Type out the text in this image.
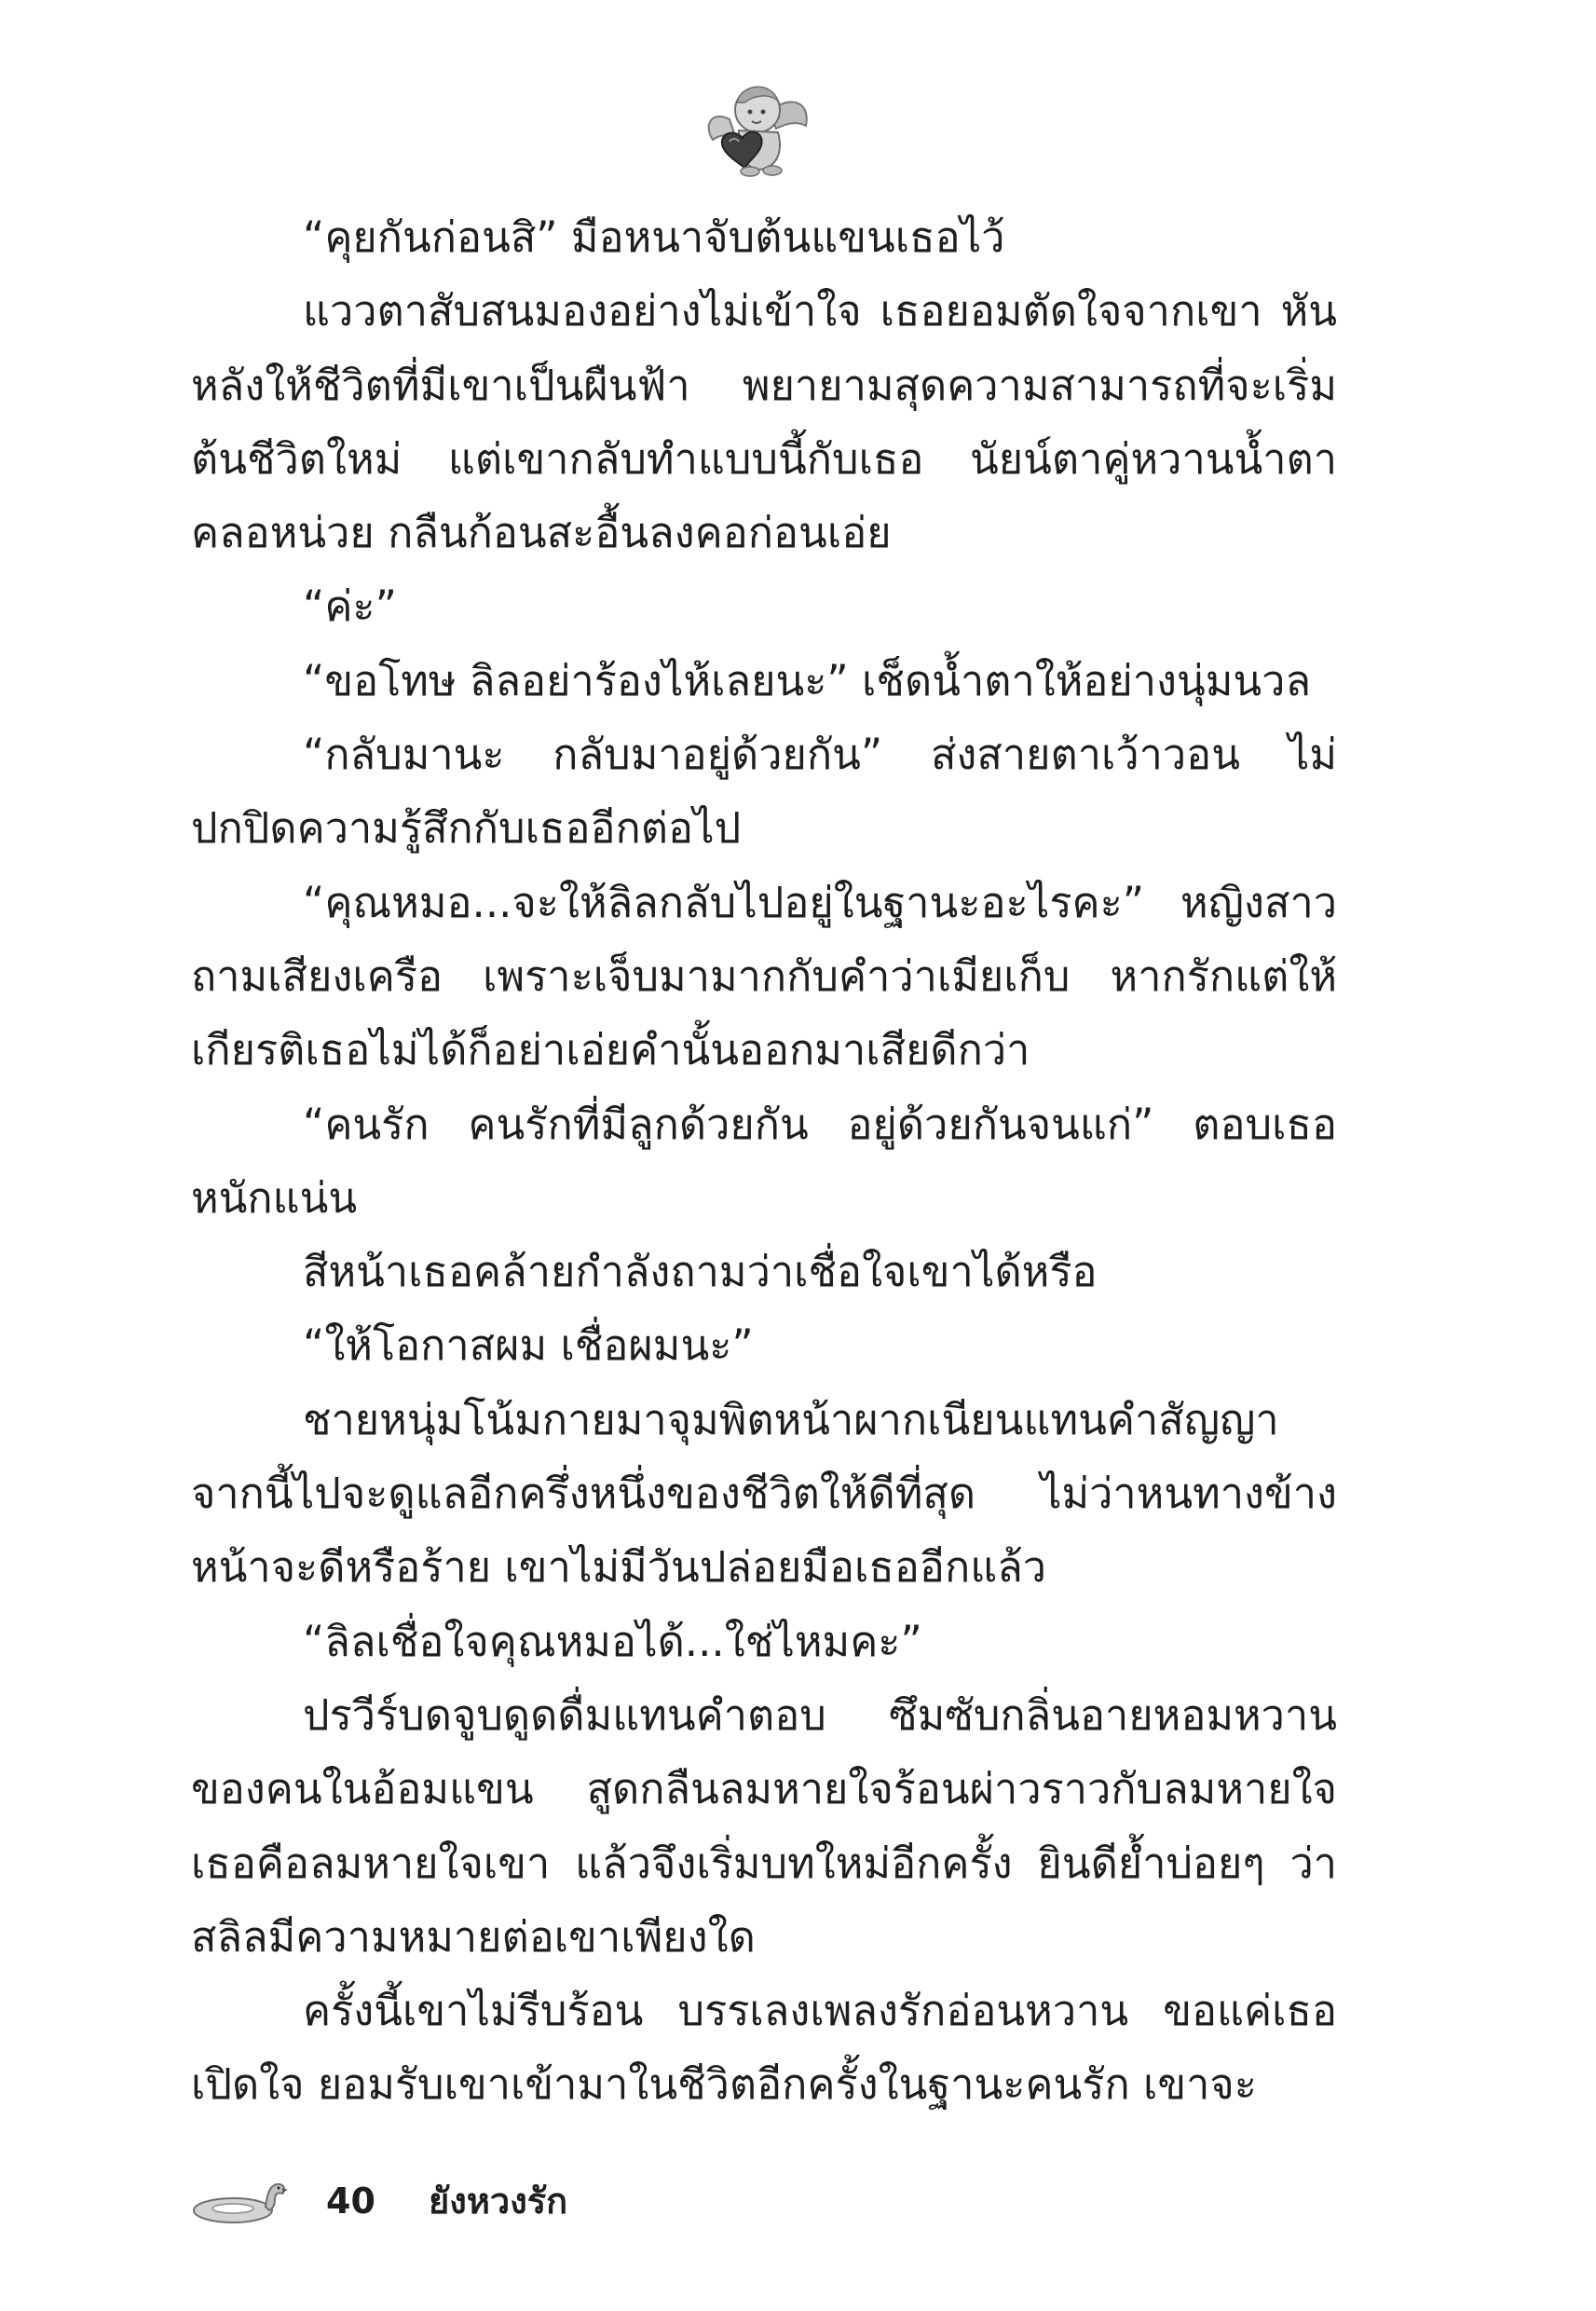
“คุยกันก่อนสิ” มือหนาจับต้นแขนเธอไว้

แววตาสับสนมองอย่างไม่เข้าใจ เธอยอมตัดใจจากเขา หันหลังให้ชีวิตที่มีเขาเป็นผืนฟ้า พยายามสุดความสามารถที่จะเริ่มต้นชีวิตใหม่ แต่เขากลับทำแบบนี้กับเธอ นัยน์ตาคู่หวานน้ำตาคลอหน่วย กลืนก้อนสะอื้นลงคอก่อนเอ่ย

“ค่ะ”

“ขอโทษ ลิลอย่าร้องไห้เลยนะ” เช็ดน้ำตาให้อย่างนุ่มนวล

“กลับมานะ กลับมาอยู่ด้วยกัน” ส่งสายตาเว้าวอน ไม่ปกปิดความรู้สึกกับเธออีกต่อไป

“คุณหมอ...จะให้ลิลกลับไปอยู่ในฐานะอะไรคะ” หญิงสาวถามเสียงเครือ เพราะเจ็บมามากกับคำว่าเมียเก็บ หากรักแต่ให้เกียรติเธอไม่ได้ก็อย่าเอ่ยคำนั้นออกมาเสียดีกว่า

“คนรัก คนรักที่มีลูกด้วยกัน อยู่ด้วยกันจนแก่” ตอบเธอหนักแน่น

สีหน้าเธอคล้ายกำลังถามว่าเชื่อใจเขาได้หรือ

“ให้โอกาสผม เชื่อผมนะ”

ชายหนุ่มโน้มกายมาจุมพิตหน้าผากเนียนแทนคำสัญญา จากนี้ไปจะดูแลอีกครึ่งหนึ่งของชีวิตให้ดีที่สุด ไม่ว่าหนทางข้างหน้าจะดีหรือร้าย เขาไม่มีวันปล่อยมือเธออีกแล้ว

“ลิลเชื่อใจคุณหมอได้...ใช่ไหมคะ”

ปรวีร์บดจูบดูดดื่มแทนคำตอบ ซึมซับกลิ่นอายหอมหวานของคนในอ้อมแขน สูดกลืนลมหายใจร้อนผ่าวราวกับลมหายใจเธอคือลมหายใจเขา แล้วจึงเริ่มบทใหม่อีกครั้ง ยินดีย้ำบ่อยๆ ว่าสลิลมีความหมายต่อเขาเพียงใด

ครั้งนี้เขาไม่รีบร้อน บรรเลงเพลงรักอ่อนหวาน ขอแค่เธอเปิดใจ ยอมรับเขาเข้ามาในชีวิตอีกครั้งในฐานะคนรัก เขาจะ

40 ยังหวงรัก
